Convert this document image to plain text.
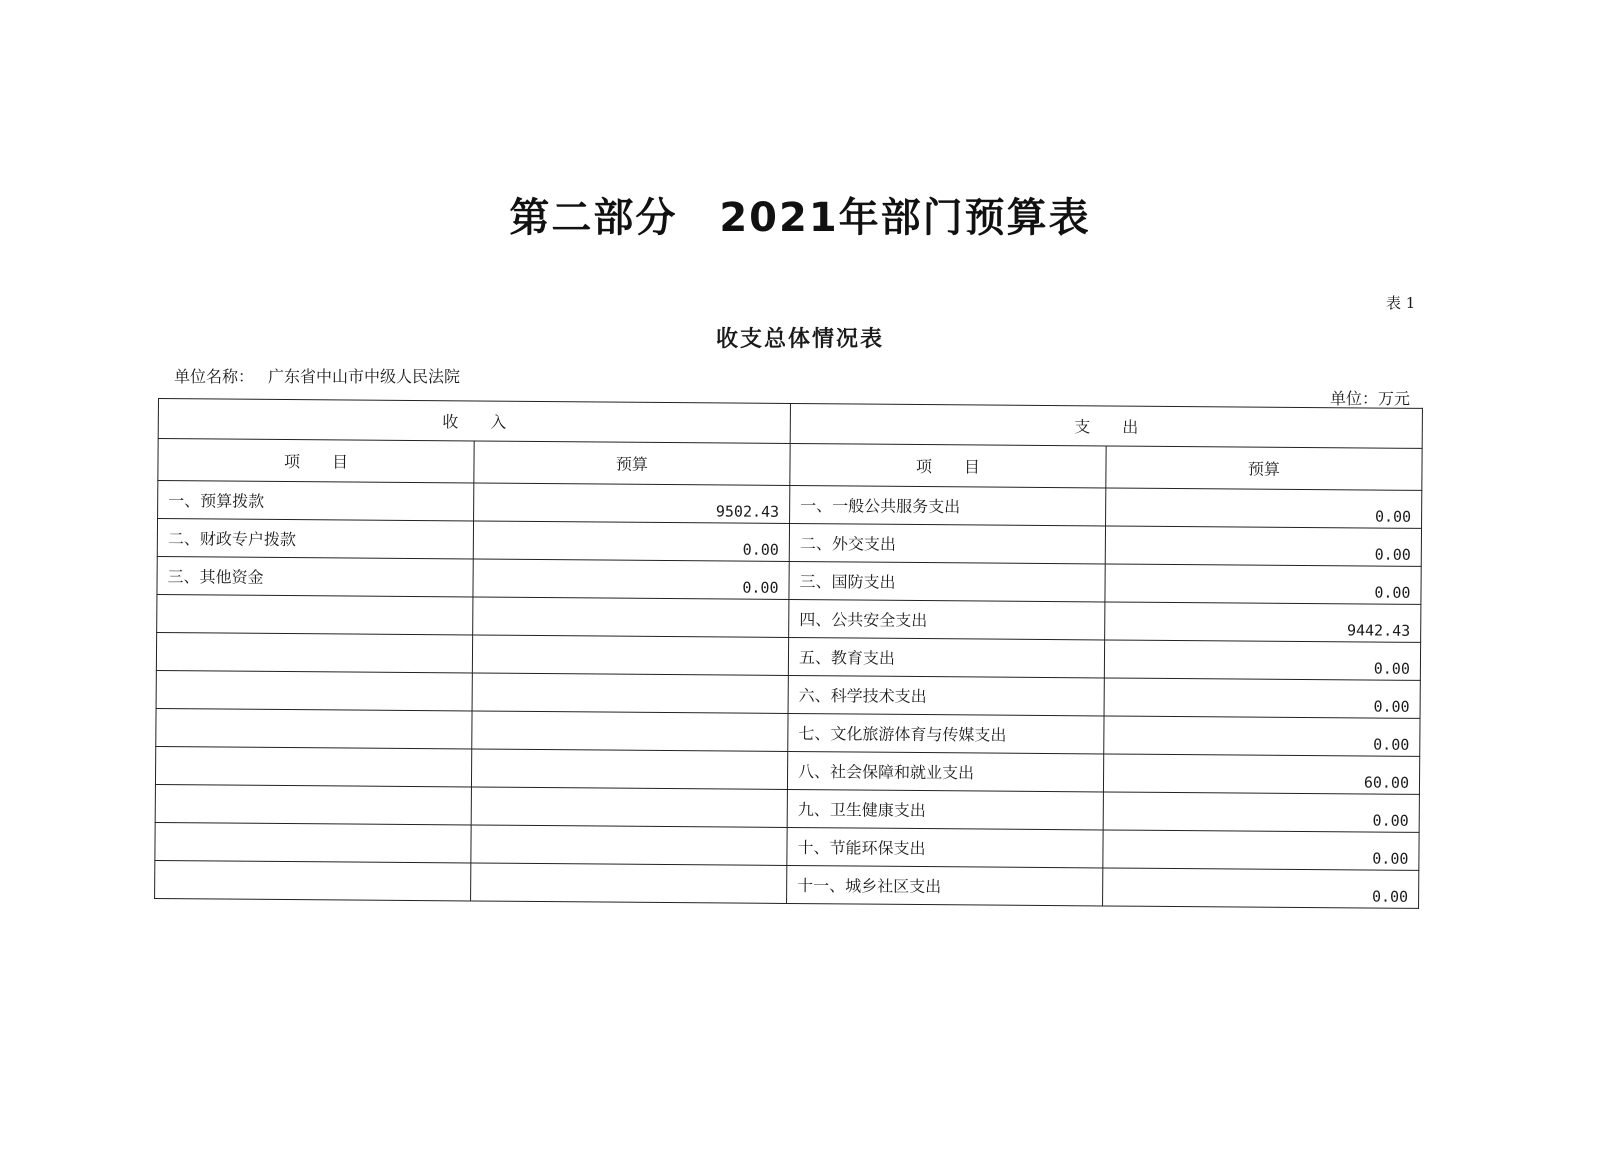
第二部分　2021年部门预算表
表 1
收支总体情况表
单位名称： 广东省中山市中级人民法院
单位：万元
收　　入		支　　出	
项　　目	预算	项　　目	预算
一、预算拨款	9502.43	一、一般公共服务支出	0.00
二、财政专户拨款	0.00	二、外交支出	0.00
三、其他资金	0.00	三、国防支出	0.00
		四、公共安全支出	9442.43
		五、教育支出	0.00
		六、科学技术支出	0.00
		七、文化旅游体育与传媒支出	0.00
		八、社会保障和就业支出	60.00
		九、卫生健康支出	0.00
		十、节能环保支出	0.00
		十一、城乡社区支出	0.00
